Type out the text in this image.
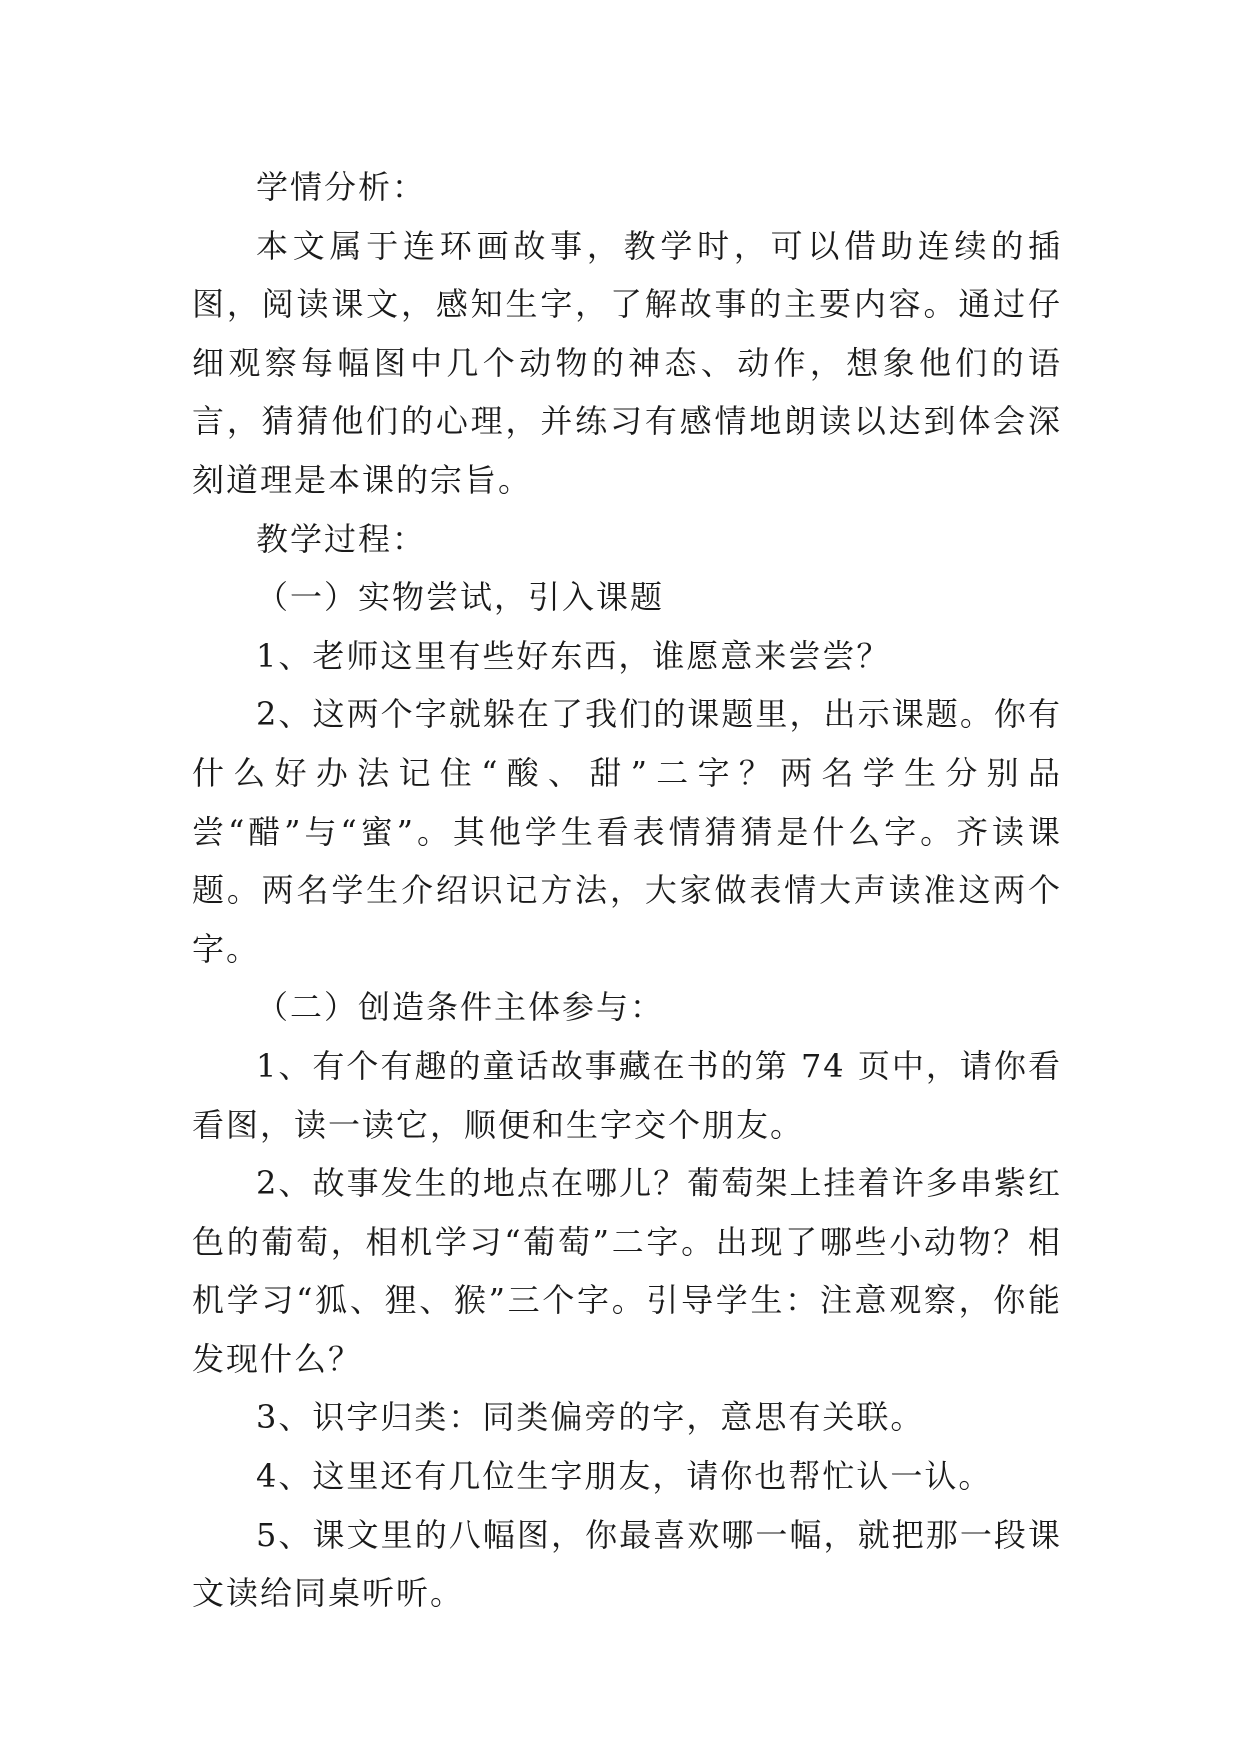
学情分析：

本文属于连环画故事，教学时，可以借助连续的插图，阅读课文，感知生字，了解故事的主要内容。通过仔细观察每幅图中几个动物的神态、动作，想象他们的语言，猜猜他们的心理，并练习有感情地朗读以达到体会深刻道理是本课的宗旨。

教学过程：

（一）实物尝试，引入课题

1、老师这里有些好东西，谁愿意来尝尝？

2、这两个字就躲在了我们的课题里，出示课题。你有什么好办法记住“酸、甜”二字？两名学生分别品尝“醋”与“蜜”。其他学生看表情猜猜是什么字。齐读课题。两名学生介绍识记方法，大家做表情大声读准这两个字。

（二）创造条件主体参与：

1、有个有趣的童话故事藏在书的第 74 页中，请你看看图，读一读它，顺便和生字交个朋友。

2、故事发生的地点在哪儿？葡萄架上挂着许多串紫红色的葡萄，相机学习“葡萄”二字。出现了哪些小动物？相机学习“狐、狸、猴”三个字。引导学生：注意观察，你能发现什么？

3、识字归类：同类偏旁的字，意思有关联。

4、这里还有几位生字朋友，请你也帮忙认一认。

5、课文里的八幅图，你最喜欢哪一幅，就把那一段课文读给同桌听听。
